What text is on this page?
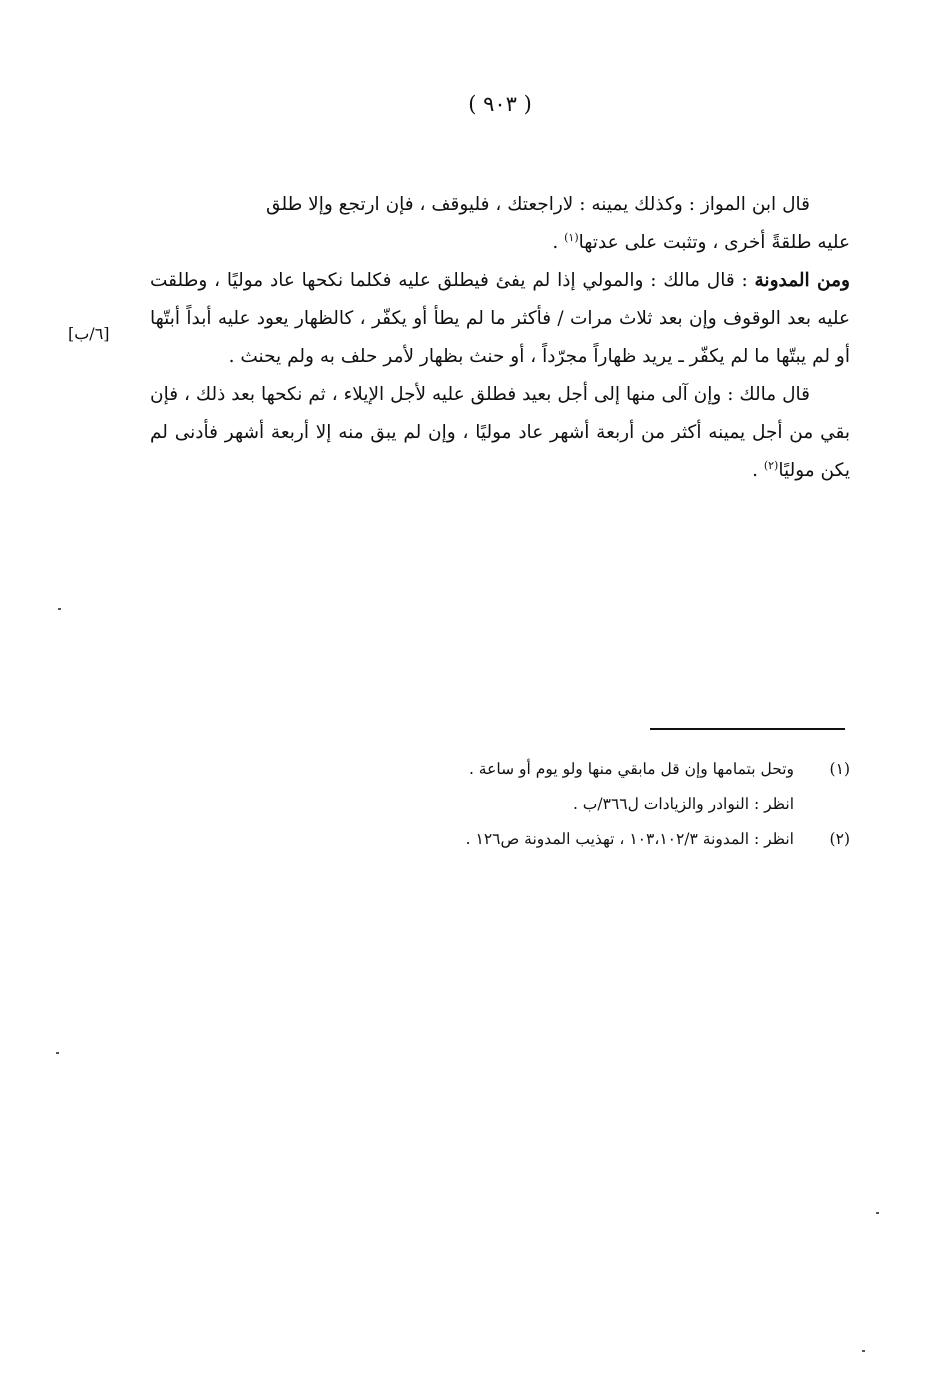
( ٩٠٣ )
[٦/ب]

قال ابن المواز : وكذلك يمينه : لاراجعتك ، فليوقف ، فإن ارتجع وإلا طلق
عليه طلقةً أخرى ، وتثبت على عدتها$^{(١)}$ .

ومن المدونة : قال مالك : والمولي إذا لم يفئ فيطلق عليه فكلما نكحها عاد موليًا ، وطلقت عليه بعد الوقوف وإن بعد ثلاث مرات / فأكثر ما لم يطأ أو يكفّر ، كالظهار يعود عليه أبداً أبتّها أو لم يبتّها ما لم يكفّر ـ يريد ظهاراً مجرّداً ، أو حنث بظهار لأمر حلف به ولم يحنث .

قال مالك : وإن آلى منها إلى أجل بعيد فطلق عليه لأجل الإيلاء ، ثم نكحها بعد ذلك ، فإن بقي من أجل يمينه أكثر من أربعة أشهر عاد موليًا ، وإن لم يبق منه إلا أربعة أشهر فأدنى لم يكن موليًا$^{(٢)}$ .

(١)
وتحل بتمامها وإن قل مابقي منها ولو يوم أو ساعة .
انظر : النوادر والزيادات ل٣٦٦/ب .
(٢)
انظر : المدونة ١٠٣،١٠٢/٣ ، تهذيب المدونة ص١٢٦ .
